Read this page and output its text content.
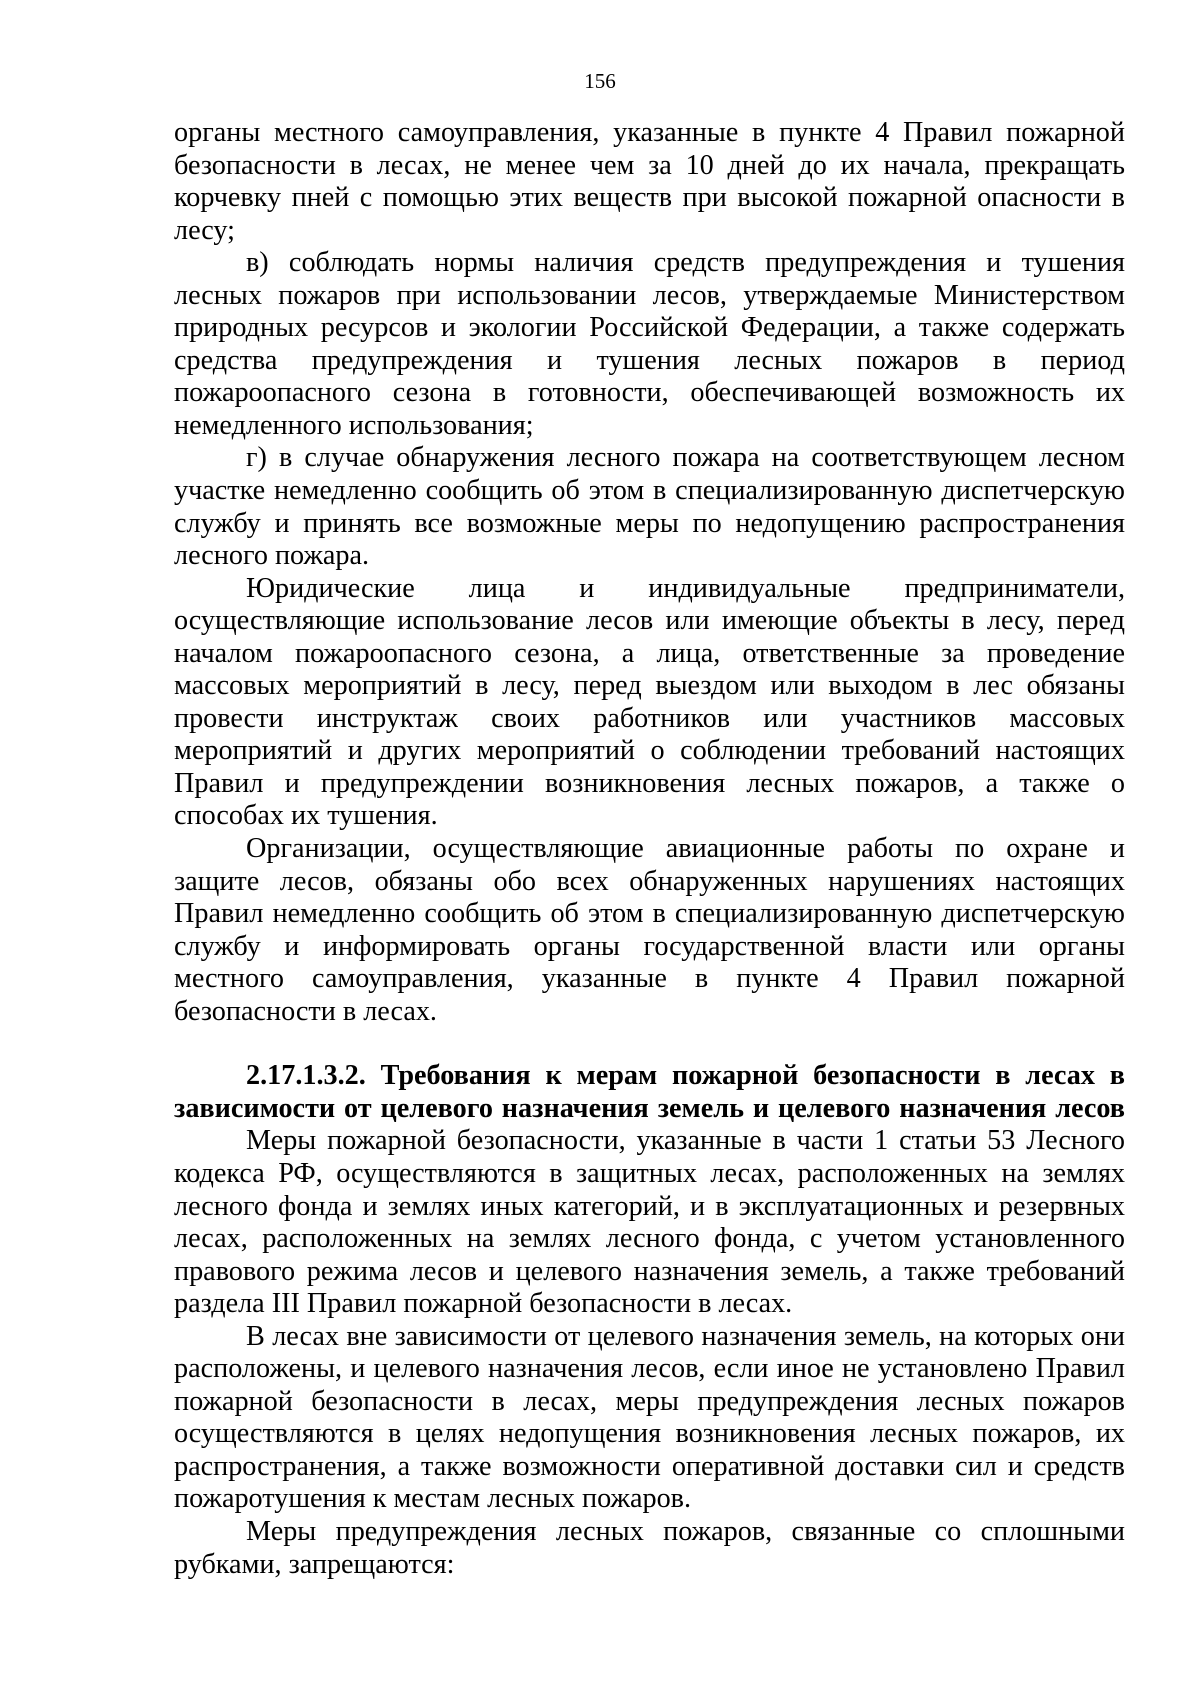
156

органы местного самоуправления, указанные в пункте 4 Правил пожарной безопасности в лесах, не менее чем за 10 дней до их начала, прекращать корчевку пней с помощью этих веществ при высокой пожарной опасности в лесу;

в) соблюдать нормы наличия средств предупреждения и тушения лесных пожаров при использовании лесов, утверждаемые Министерством природных ресурсов и экологии Российской Федерации, а также содержать средства предупреждения и тушения лесных пожаров в период пожароопасного сезона в готовности, обеспечивающей возможность их немедленного использования;

г) в случае обнаружения лесного пожара на соответствующем лесном участке немедленно сообщить об этом в специализированную диспетчерскую службу и принять все возможные меры по недопущению распространения лесного пожара.

Юридические лица и индивидуальные предприниматели, осуществляющие использование лесов или имеющие объекты в лесу, перед началом пожароопасного сезона, а лица, ответственные за проведение массовых мероприятий в лесу, перед выездом или выходом в лес обязаны провести инструктаж своих работников или участников массовых мероприятий и других мероприятий о соблюдении требований настоящих Правил и предупреждении возникновения лесных пожаров, а также о способах их тушения.

Организации, осуществляющие авиационные работы по охране и защите лесов, обязаны обо всех обнаруженных нарушениях настоящих Правил немедленно сообщить об этом в специализированную диспетчерскую службу и информировать органы государственной власти или органы местного самоуправления, указанные в пункте 4 Правил пожарной безопасности в лесах.

2.17.1.3.2. Требования к мерам пожарной безопасности в лесах в
зависимости от целевого назначения земель и целевого назначения лесов

Меры пожарной безопасности, указанные в части 1 статьи 53 Лесного кодекса РФ, осуществляются в защитных лесах, расположенных на землях лесного фонда и землях иных категорий, и в эксплуатационных и резервных лесах, расположенных на землях лесного фонда, с учетом установленного правового режима лесов и целевого назначения земель, а также требований раздела III Правил пожарной безопасности в лесах.

В лесах вне зависимости от целевого назначения земель, на которых они расположены, и целевого назначения лесов, если иное не установлено Правил пожарной безопасности в лесах, меры предупреждения лесных пожаров осуществляются в целях недопущения возникновения лесных пожаров, их распространения, а также возможности оперативной доставки сил и средств пожаротушения к местам лесных пожаров.

Меры предупреждения лесных пожаров, связанные со сплошными рубками, запрещаются:
